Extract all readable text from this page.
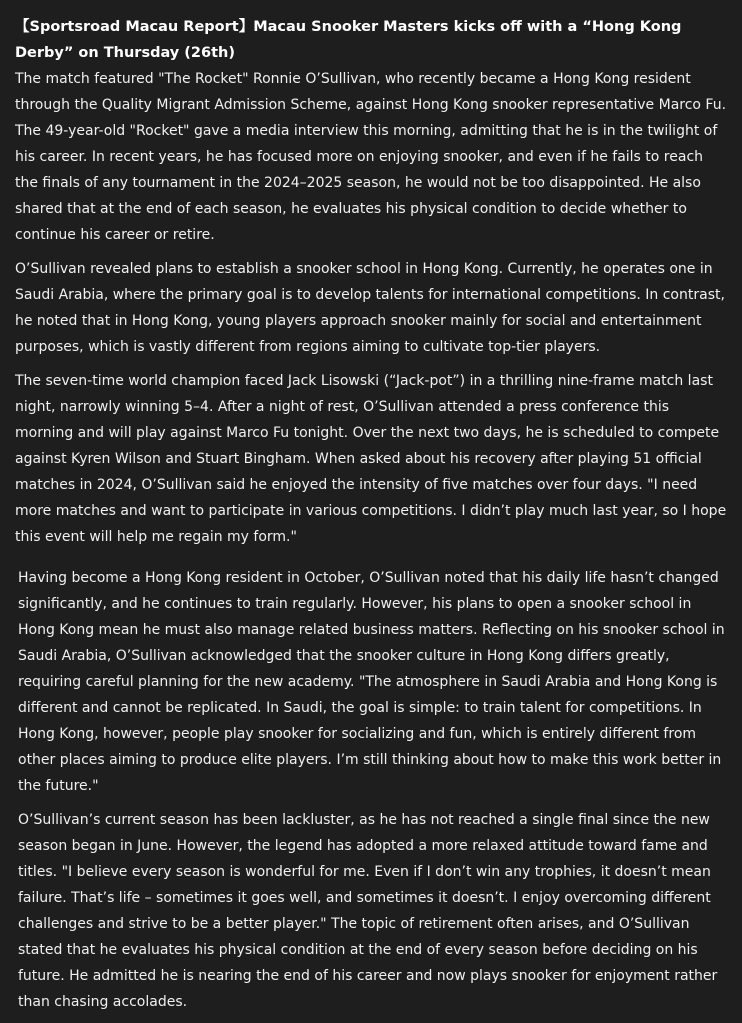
【Sportsroad Macau Report】Macau Snooker Masters kicks off with a “Hong Kong Derby” on Thursday (26th)

The match featured "The Rocket" Ronnie O’Sullivan, who recently became a Hong Kong resident through the Quality Migrant Admission Scheme, against Hong Kong snooker representative Marco Fu. The 49-year-old "Rocket" gave a media interview this morning, admitting that he is in the twilight of his career. In recent years, he has focused more on enjoying snooker, and even if he fails to reach the finals of any tournament in the 2024–2025 season, he would not be too disappointed. He also shared that at the end of each season, he evaluates his physical condition to decide whether to continue his career or retire.

O’Sullivan revealed plans to establish a snooker school in Hong Kong. Currently, he operates one in Saudi Arabia, where the primary goal is to develop talents for international competitions. In contrast, he noted that in Hong Kong, young players approach snooker mainly for social and entertainment purposes, which is vastly different from regions aiming to cultivate top-tier players.

The seven-time world champion faced Jack Lisowski (“Jack-pot”) in a thrilling nine-frame match last night, narrowly winning 5–4. After a night of rest, O’Sullivan attended a press conference this morning and will play against Marco Fu tonight. Over the next two days, he is scheduled to compete against Kyren Wilson and Stuart Bingham. When asked about his recovery after playing 51 official matches in 2024, O’Sullivan said he enjoyed the intensity of five matches over four days. "I need more matches and want to participate in various competitions. I didn’t play much last year, so I hope this event will help me regain my form."

Having become a Hong Kong resident in October, O’Sullivan noted that his daily life hasn’t changed significantly, and he continues to train regularly. However, his plans to open a snooker school in Hong Kong mean he must also manage related business matters. Reflecting on his snooker school in Saudi Arabia, O’Sullivan acknowledged that the snooker culture in Hong Kong differs greatly, requiring careful planning for the new academy. "The atmosphere in Saudi Arabia and Hong Kong is different and cannot be replicated. In Saudi, the goal is simple: to train talent for competitions. In Hong Kong, however, people play snooker for socializing and fun, which is entirely different from other places aiming to produce elite players. I’m still thinking about how to make this work better in the future."

O’Sullivan’s current season has been lackluster, as he has not reached a single final since the new season began in June. However, the legend has adopted a more relaxed attitude toward fame and titles. "I believe every season is wonderful for me. Even if I don’t win any trophies, it doesn’t mean failure. That’s life – sometimes it goes well, and sometimes it doesn’t. I enjoy overcoming different challenges and strive to be a better player." The topic of retirement often arises, and O’Sullivan stated that he evaluates his physical condition at the end of every season before deciding on his future. He admitted he is nearing the end of his career and now plays snooker for enjoyment rather than chasing accolades.
